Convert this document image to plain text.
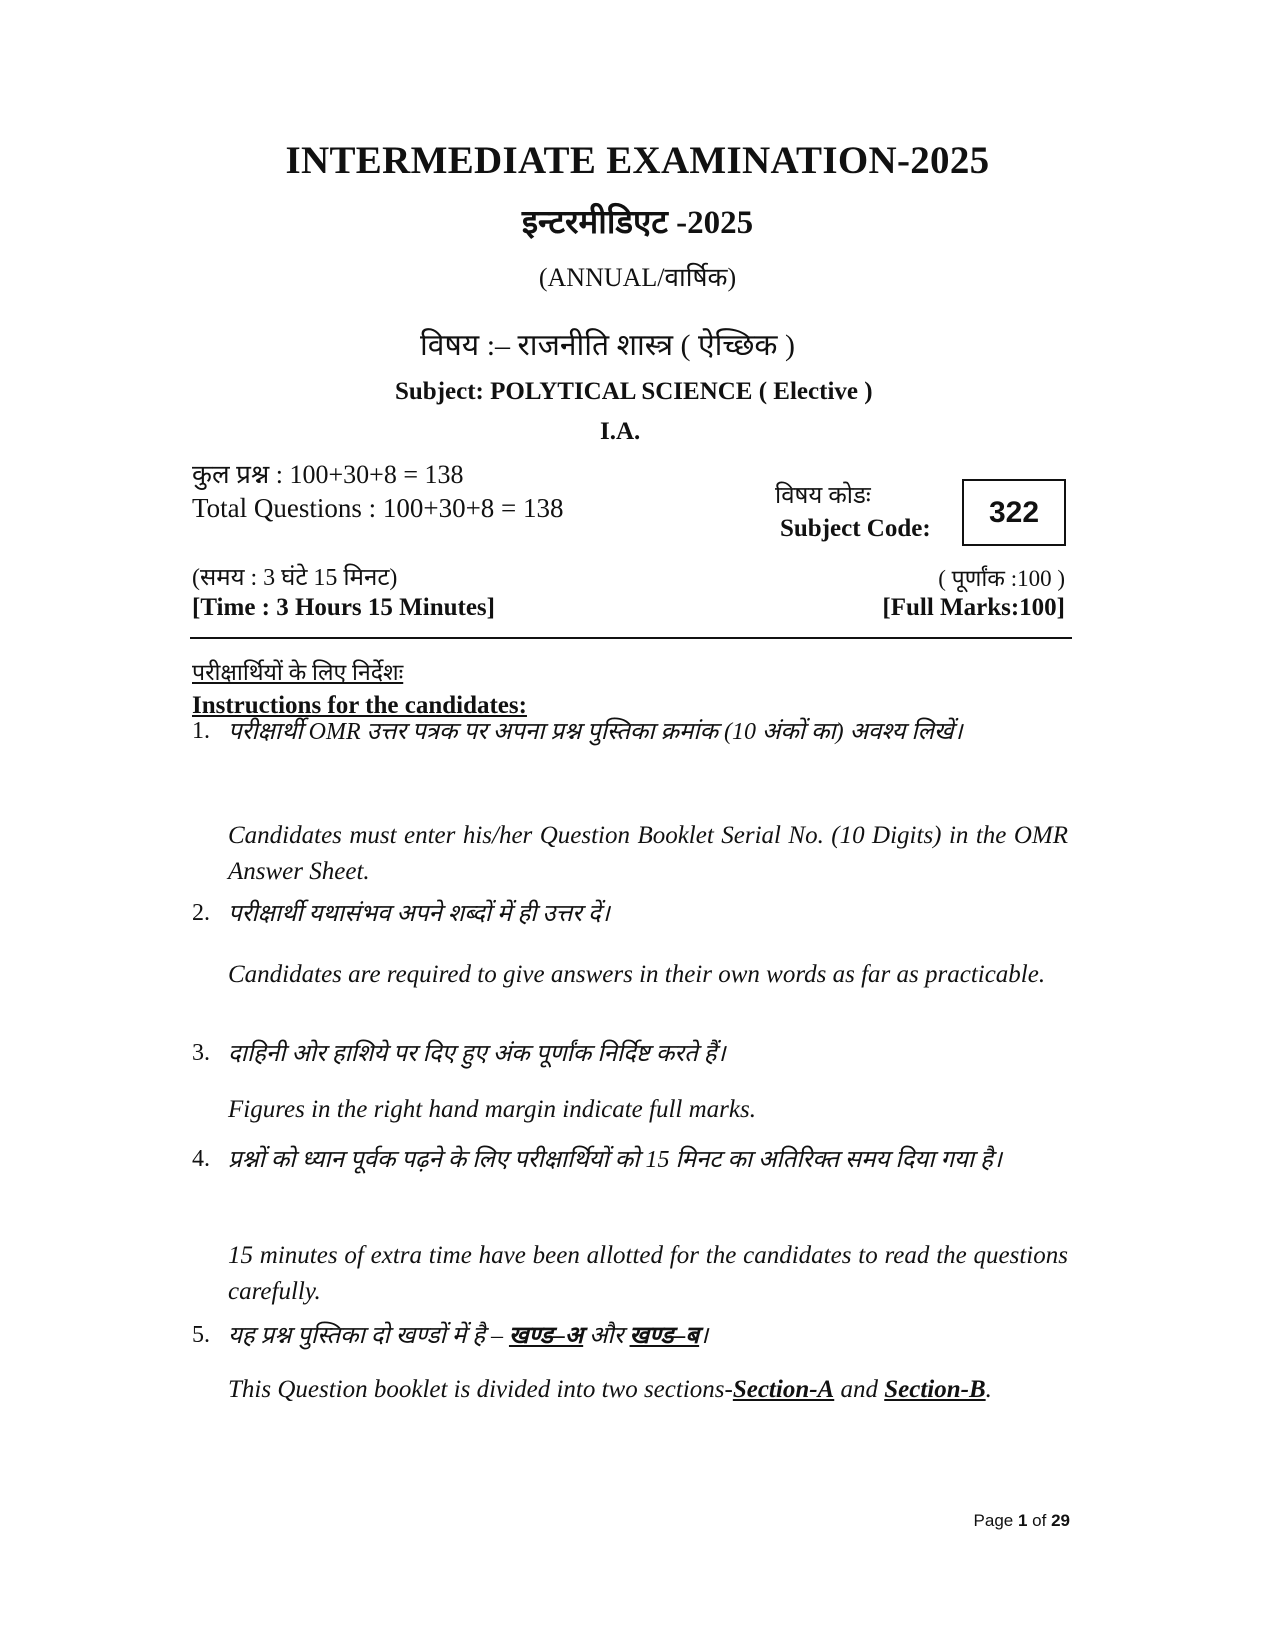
INTERMEDIATE EXAMINATION-2025
इन्टरमीडिएट -2025
(ANNUAL/वार्षिक)
विषय :– राजनीति शास्त्र ( ऐच्छिक )
Subject: POLYTICAL SCIENCE ( Elective )
I.A.
कुल प्रश्न : 100+30+8 = 138
Total Questions : 100+30+8 = 138	विषय कोडः
Subject Code:	322
(समय : 3 घंटे 15 मिनट)
[Time : 3 Hours 15 Minutes]
( पूर्णांक :100 )
[Full Marks:100]
परीक्षार्थियों के लिए निर्देशः
Instructions for the candidates:
1. परीक्षार्थी OMR उत्तर पत्रक पर अपना प्रश्न पुस्तिका क्रमांक (10 अंकों का) अवश्य लिखें।
Candidates must enter his/her Question Booklet Serial No. (10 Digits) in the OMR Answer Sheet.
2. परीक्षार्थी यथासंभव अपने शब्दों में ही उत्तर दें।
Candidates are required to give answers in their own words as far as practicable.
3. दाहिनी ओर हाशिये पर दिए हुए अंक पूर्णांक निर्दिष्ट करते हैं।
Figures in the right hand margin indicate full marks.
4. प्रश्नों को ध्यान पूर्वक पढ़ने के लिए परीक्षार्थियों को 15 मिनट का अतिरिक्त समय दिया गया है।
15 minutes of extra time have been allotted for the candidates to read the questions carefully.
5. यह प्रश्न पुस्तिका दो खण्डों में है – खण्ड–अ और खण्ड–ब।
This Question booklet is divided into two sections-Section-A and Section-B.
Page 1 of 29
